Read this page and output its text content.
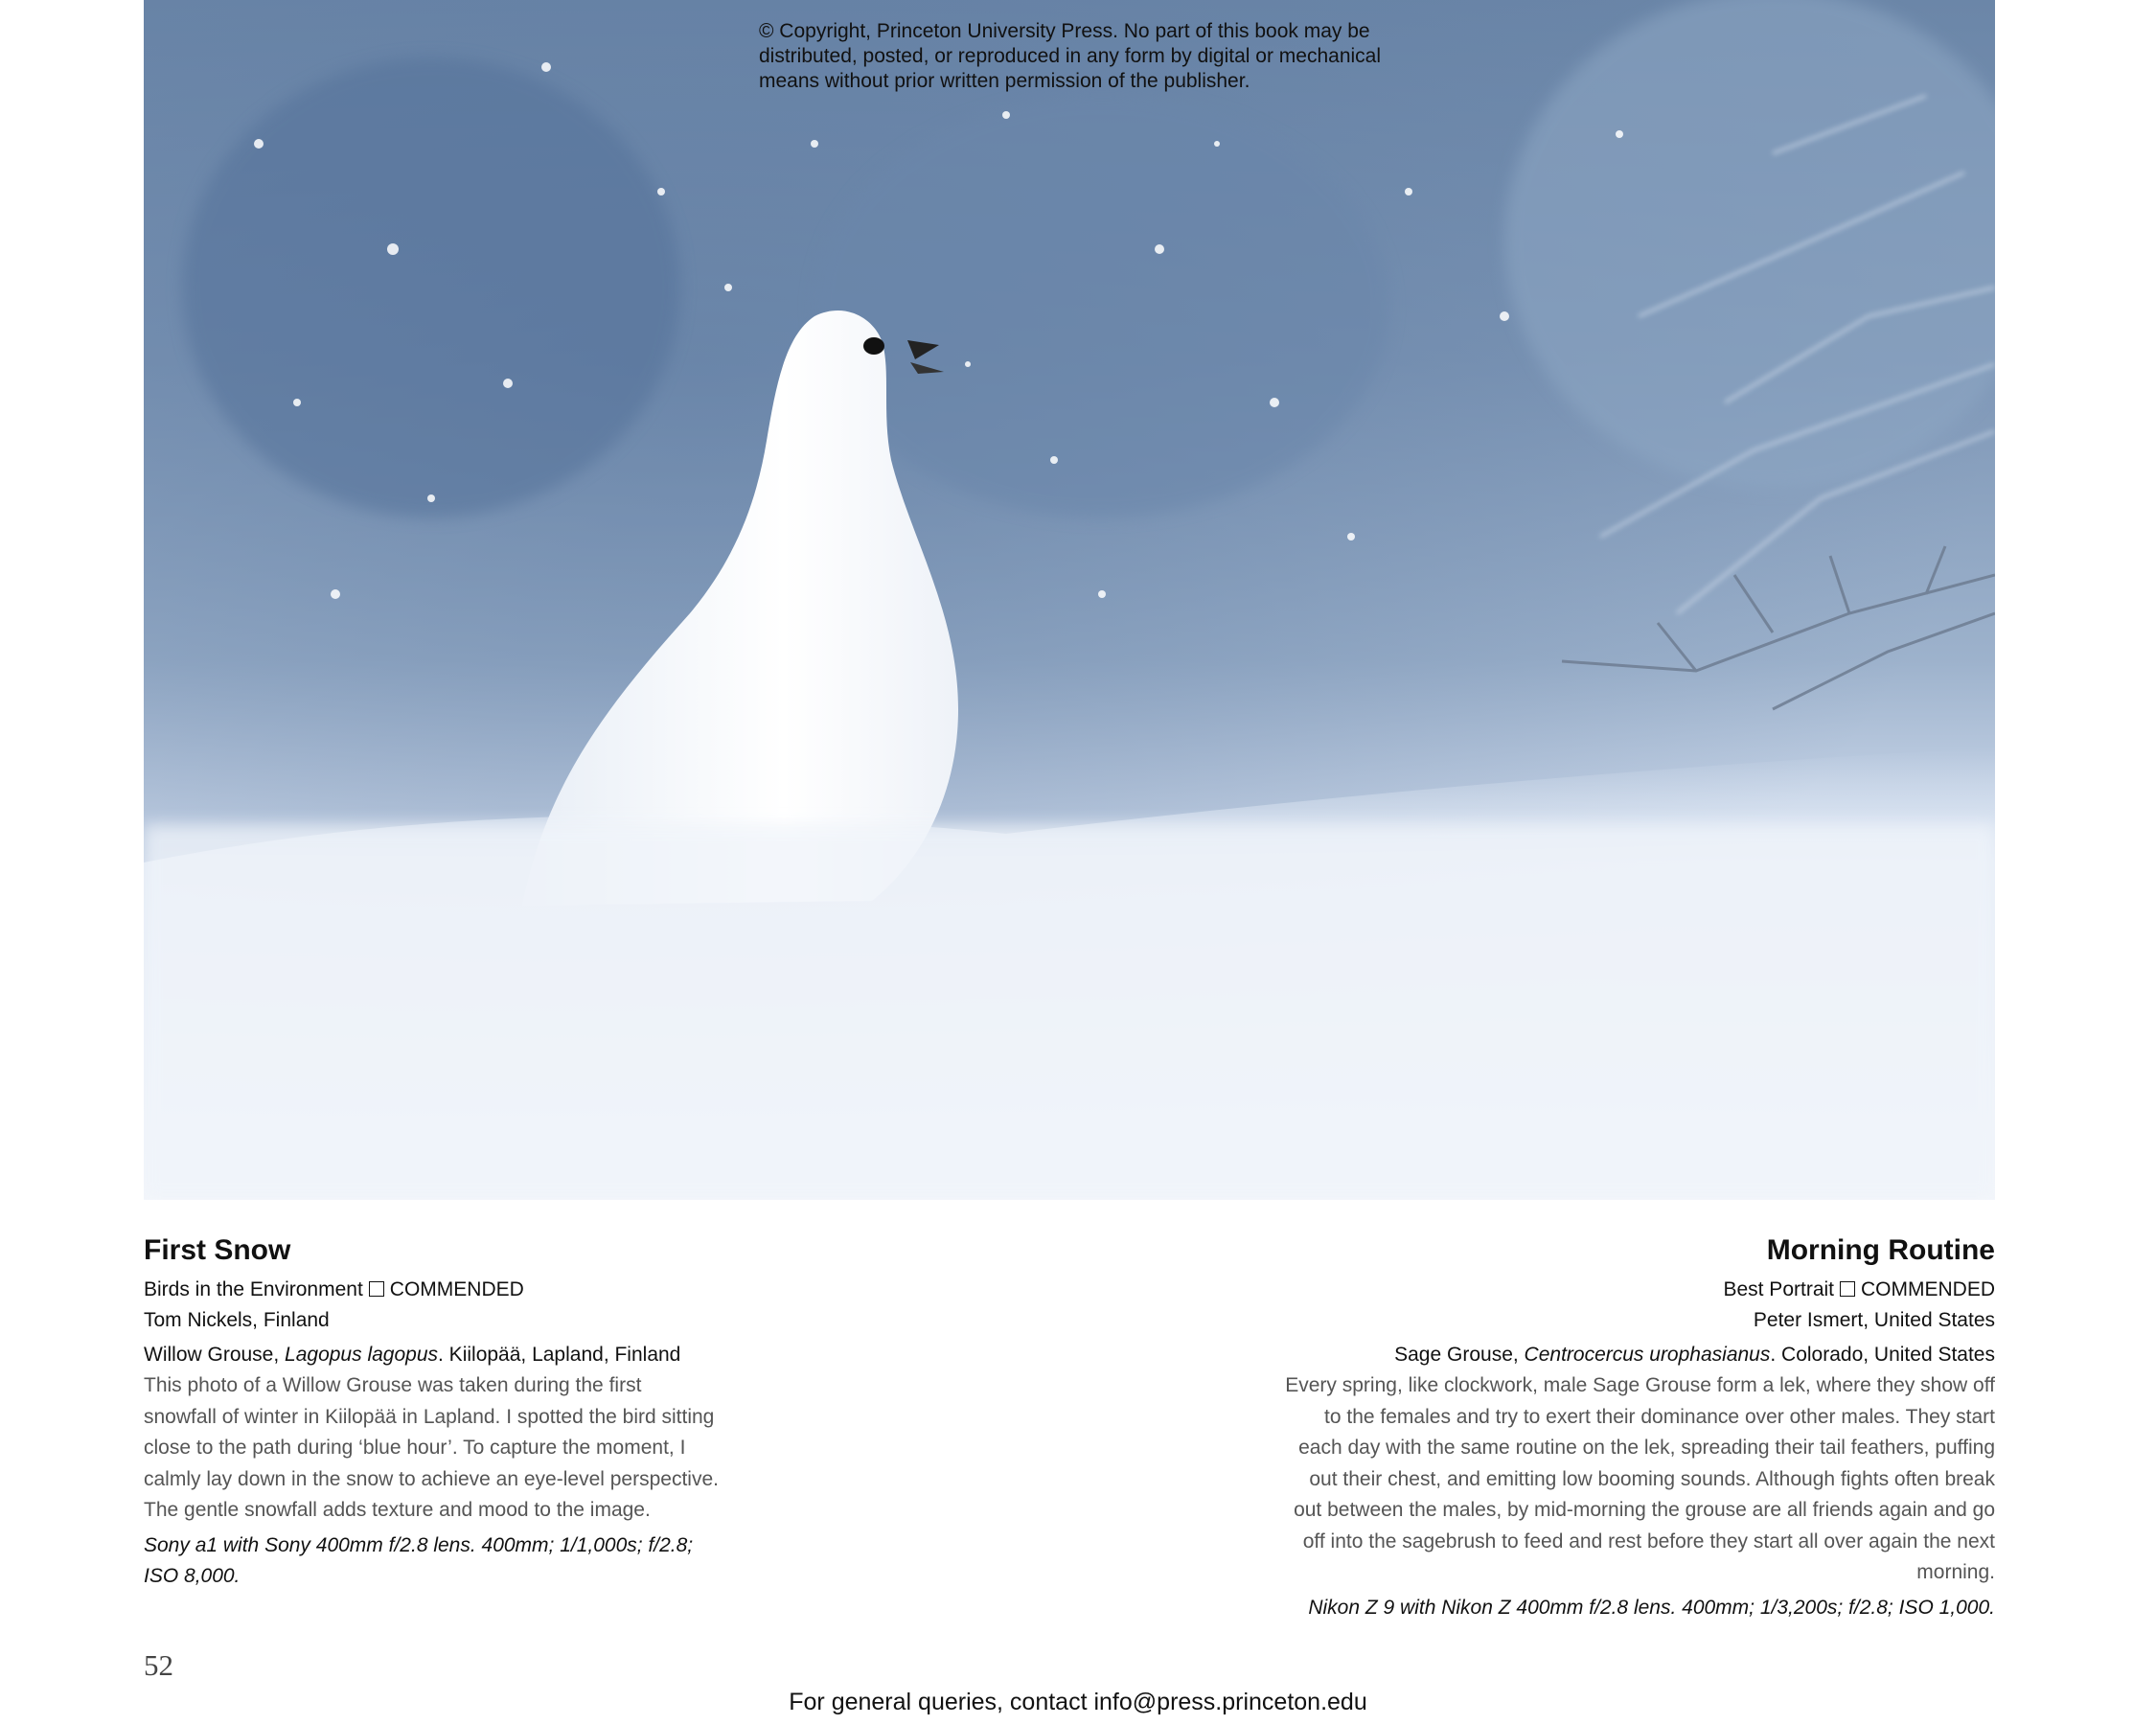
© Copyright, Princeton University Press. No part of this book may be
distributed, posted, or reproduced in any form by digital or mechanical
means without prior written permission of the publisher.
First Snow
Birds in the Environment COMMENDED
Tom Nickels, Finland
Willow Grouse, Lagopus lagopus. Kiilopää, Lapland, Finland
This photo of a Willow Grouse was taken during the first snowfall of winter in Kiilopää in Lapland. I spotted the bird sitting close to the path during ‘blue hour’. To capture the moment, I calmly lay down in the snow to achieve an eye-level perspective. The gentle snowfall adds texture and mood to the image.
Sony a1 with Sony 400mm f/2.8 lens. 400mm; 1/1,000s; f/2.8; ISO 8,000.
Morning Routine
Best Portrait COMMENDED
Peter Ismert, United States
Sage Grouse, Centrocercus urophasianus. Colorado, United States
Every spring, like clockwork, male Sage Grouse form a lek, where they show off to the females and try to exert their dominance over other males. They start each day with the same routine on the lek, spreading their tail feathers, puffing out their chest, and emitting low booming sounds. Although fights often break out between the males, by mid-morning the grouse are all friends again and go off into the sagebrush to feed and rest before they start all over again the next morning.
Nikon Z 9 with Nikon Z 400mm f/2.8 lens. 400mm; 1/3,200s; f/2.8; ISO 1,000.
52
For general queries, contact info@press.princeton.edu
